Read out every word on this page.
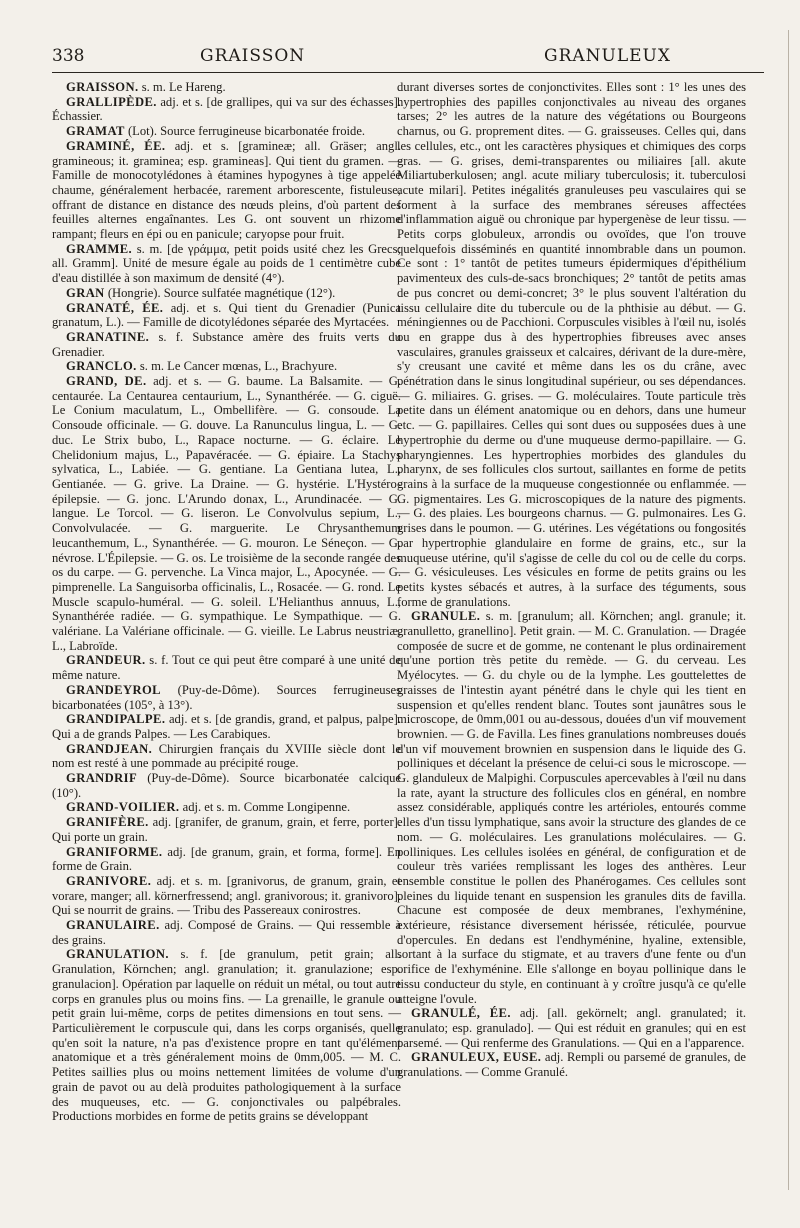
338	GRAISSON	GRANULEUX

GRAISSON. s. m. Le Hareng.

GRALLIPÈDE. adj. et s. [de grallipes, qui va sur des échasses]. Échassier.

GRAMAT (Lot). Source ferrugineuse bicarbonatée froide.

GRAMINÉ, ÉE. adj. et s. [gramineæ; all. Gräser; angl. gramineous; it. graminea; esp. gramineas]. Qui tient du gramen. — Famille de monocotylédones à étamines hypogynes à tige appelée chaume, généralement herbacée, rarement arborescente, fistuleuse, offrant de distance en distance des nœuds pleins, d'où partent des feuilles alternes engaînantes. Les G. ont souvent un rhizome rampant; fleurs en épi ou en panicule; caryopse pour fruit.

GRAMME. s. m. [de γράμμα, petit poids usité chez les Grecs; all. Gramm]. Unité de mesure égale au poids de 1 centimètre cube d'eau distillée à son maximum de densité (4°).

GRAN (Hongrie). Source sulfatée magnétique (12°).

GRANATÉ, ÉE. adj. et s. Qui tient du Grenadier (Punica granatum, L.). — Famille de dicotylédones séparée des Myrtacées.

GRANATINE. s. f. Substance amère des fruits verts du Grenadier.

GRANCLO. s. m. Le Cancer mœnas, L., Brachyure.

GRAND, DE. adj. et s. — G. baume. La Balsamite. — G. centaurée. La Centaurea centaurium, L., Synanthérée. — G. ciguë. Le Conium maculatum, L., Ombellifère. — G. consoude. La Consoude officinale. — G. douve. La Ranunculus lingua, L. — G. duc. Le Strix bubo, L., Rapace nocturne. — G. éclaire. Le Chelidonium majus, L., Papavéracée. — G. épiaire. La Stachys sylvatica, L., Labiée. — G. gentiane. La Gentiana lutea, L., Gentianée. — G. grive. La Draine. — G. hystérie. L'Hystéro-épilepsie. — G. jonc. L'Arundo donax, L., Arundinacée. — G. langue. Le Torcol. — G. liseron. Le Convolvulus sepium, L., Convolvulacée. — G. marguerite. Le Chrysanthemum leucanthemum, L., Synanthérée. — G. mouron. Le Séneçon. — G. névrose. L'Épilepsie. — G. os. Le troisième de la seconde rangée des os du carpe. — G. pervenche. La Vinca major, L., Apocynée. — G. pimprenelle. La Sanguisorba officinalis, L., Rosacée. — G. rond. Le Muscle scapulo-huméral. — G. soleil. L'Helianthus annuus, L., Synanthérée radiée. — G. sympathique. Le Sympathique. — G. valériane. La Valériane officinale. — G. vieille. Le Labrus neustriæ, L., Labroïde.

GRANDEUR. s. f. Tout ce qui peut être comparé à une unité de même nature.

GRANDEYROL (Puy-de-Dôme). Sources ferrugineuses bicarbonatées (105°, à 13°).

GRANDIPALPE. adj. et s. [de grandis, grand, et palpus, palpe]. Qui a de grands Palpes. — Les Carabiques.

GRANDJEAN. Chirurgien français du XVIIIe siècle dont le nom est resté à une pommade au précipité rouge.

GRANDRIF (Puy-de-Dôme). Source bicarbonatée calcique (10°).

GRAND-VOILIER. adj. et s. m. Comme Longipenne.

GRANIFÈRE. adj. [granifer, de granum, grain, et ferre, porter]. Qui porte un grain.

GRANIFORME. adj. [de granum, grain, et forma, forme]. En forme de Grain.

GRANIVORE. adj. et s. m. [granivorus, de granum, grain, et vorare, manger; all. körnerfressend; angl. granivorous; it. granivoro]. Qui se nourrit de grains. — Tribu des Passereaux conirostres.

GRANULAIRE. adj. Composé de Grains. — Qui ressemble à des grains.

GRANULATION. s. f. [de granulum, petit grain; all. Granulation, Körnchen; angl. granulation; it. granulazione; esp. granulacion]. Opération par laquelle on réduit un métal, ou tout autre corps en granules plus ou moins fins. — La grenaille, le granule ou petit grain lui-même, corps de petites dimensions en tout sens. — Particulièrement le corpuscule qui, dans les corps organisés, quelle qu'en soit la nature, n'a pas d'existence propre en tant qu'élément anatomique et a très généralement moins de 0mm,005. — M. C. Petites saillies plus ou moins nettement limitées de volume d'un grain de pavot ou au delà produites pathologiquement à la surface des muqueuses, etc. — G. conjonctivales ou palpébrales. Productions morbides en forme de petits grains se développant

durant diverses sortes de conjonctivites. Elles sont : 1° les unes des hypertrophies des papilles conjonctivales au niveau des organes tarses; 2° les autres de la nature des végétations ou Bourgeons charnus, ou G. proprement dites. — G. graisseuses. Celles qui, dans les cellules, etc., ont les caractères physiques et chimiques des corps gras. — G. grises, demi-transparentes ou miliaires [all. akute Miliartuberkulosen; angl. acute miliary tuberculosis; it. tuberculosi acute milari]. Petites inégalités granuleuses peu vasculaires qui se forment à la surface des membranes séreuses affectées d'inflammation aiguë ou chronique par hypergenèse de leur tissu. — Petits corps globuleux, arrondis ou ovoïdes, que l'on trouve quelquefois disséminés en quantité innombrable dans un poumon. Ce sont : 1° tantôt de petites tumeurs épidermiques d'épithélium pavimenteux des culs-de-sacs bronchiques; 2° tantôt de petits amas de pus concret ou demi-concret; 3° le plus souvent l'altération du tissu cellulaire dite du tubercule ou de la phthisie au début. — G. méningiennes ou de Pacchioni. Corpuscules visibles à l'œil nu, isolés ou en grappe dus à des hypertrophies fibreuses avec anses vasculaires, granules graisseux et calcaires, dérivant de la dure-mère, s'y creusant une cavité et même dans les os du crâne, avec pénétration dans le sinus longitudinal supérieur, ou ses dépendances. — G. miliaires. G. grises. — G. moléculaires. Toute particule très petite dans un élément anatomique ou en dehors, dans une humeur etc. — G. papillaires. Celles qui sont dues ou supposées dues à une hypertrophie du derme ou d'une muqueuse dermo-papillaire. — G. pharyngiennes. Les hypertrophies morbides des glandules du pharynx, de ses follicules clos surtout, saillantes en forme de petits grains à la surface de la muqueuse congestionnée ou enflammée. — G. pigmentaires. Les G. microscopiques de la nature des pigments. — G. des plaies. Les bourgeons charnus. — G. pulmonaires. Les G. grises dans le poumon. — G. utérines. Les végétations ou fongosités par hypertrophie glandulaire en forme de grains, etc., sur la muqueuse utérine, qu'il s'agisse de celle du col ou de celle du corps. — G. vésiculeuses. Les vésicules en forme de petits grains ou les petits kystes sébacés et autres, à la surface des téguments, sous forme de granulations.

GRANULE. s. m. [granulum; all. Körnchen; angl. granule; it. granulletto, granellino]. Petit grain. — M. C. Granulation. — Dragée composée de sucre et de gomme, ne contenant le plus ordinairement qu'une portion très petite du remède. — G. du cerveau. Les Myélocytes. — G. du chyle ou de la lymphe. Les gouttelettes de graisses de l'intestin ayant pénétré dans le chyle qui les tient en suspension et qu'elles rendent blanc. Toutes sont jaunâtres sous le microscope, de 0mm,001 ou au-dessous, douées d'un vif mouvement brownien. — G. de Favilla. Les fines granulations nombreuses doués d'un vif mouvement brownien en suspension dans le liquide des G. polliniques et décelant la présence de celui-ci sous le microscope. — G. glanduleux de Malpighi. Corpuscules apercevables à l'œil nu dans la rate, ayant la structure des follicules clos en général, en nombre assez considérable, appliqués contre les artérioles, entourés comme elles d'un tissu lymphatique, sans avoir la structure des glandes de ce nom. — G. moléculaires. Les granulations moléculaires. — G. polliniques. Les cellules isolées en général, de configuration et de couleur très variées remplissant les loges des anthères. Leur ensemble constitue le pollen des Phanérogames. Ces cellules sont pleines du liquide tenant en suspension les granules dits de favilla. Chacune est composée de deux membranes, l'exhyménine, extérieure, résistance diversement hérissée, réticulée, pourvue d'opercules. En dedans est l'endhyménine, hyaline, extensible, sortant à la surface du stigmate, et au travers d'une fente ou d'un orifice de l'exhyménine. Elle s'allonge en boyau pollinique dans le tissu conducteur du style, en continuant à y croître jusqu'à ce qu'elle atteigne l'ovule.

GRANULÉ, ÉE. adj. [all. gekörnelt; angl. granulated; it. granulato; esp. granulado]. — Qui est réduit en granules; qui en est parsemé. — Qui renferme des Granulations. — Qui en a l'apparence.

GRANULEUX, EUSE. adj. Rempli ou parsemé de granules, de granulations. — Comme Granulé.
